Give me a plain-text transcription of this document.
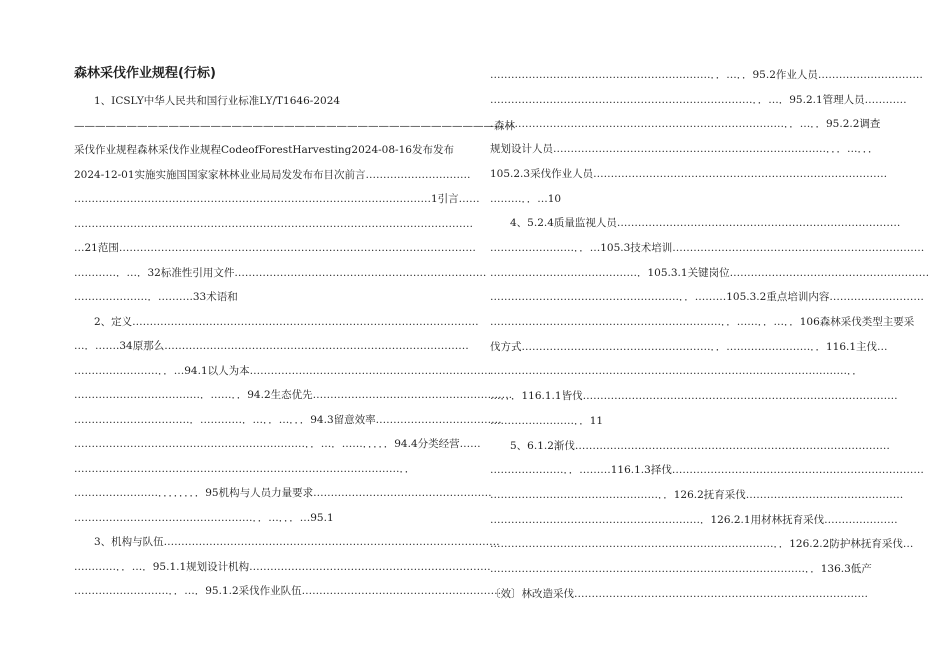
森林采伐作业规程(行标)
1、ICSLY中华人民共和国行业标准LY/T1646-2024
————————————————————————————————————————森林
采伐作业规程森林采伐作业规程CodeofForestHarvesting2024-08-16发布发布
2024-12-01实施实施国国家家林林业业局局发发布布目次前言…………………………
…………………………………………………………………………………………1引言……
……………………………………………………………………………………………………
…21范围…………………………………………………………………………………………
…………．…．32标准性引用文件………………………………………………………………
…………………．……….33术语和
2、定义………………………………………………………………………………………
…．…….34原那么……………………………………………………………………………
……………………．．…94.1以人为本……………………………………………………………
………………………………．……．．94.2生态优先…………………………………………………
……………………………．…………．…．．…．．．94.3留意效率………………………………
…………………………………………………………．．…．……．．．．．94.4分类经营……
…………………………………………………………………………………．．
……………………．．．．．．．．95机构与人员力量要求……………………………………………
……………………………………………．．…．．．…95.1
3、机构与队伍……………………………………………………………………………………
…………．．…．95.1.1规划设计机构……………………………………………………………
………………………．．…．95.1.2采伐作业队伍…………………………………………………
………………………………………………………．．…．．95.2作业人员…………………………
…………………………………………………………………．．…．95.2.1管理人员…………
…………………………………………………………………………．．…．．95.2.2调查
规划设计人员……………………………………………………………………．．．…．．．
105.2.3采伐作业人员…………………………………………………………………………
………．．…10
4、5.2.4质量监视人员………………………………………………………………………
……………………．．…105.3技术培训………………………………………………………………
……………………………………．105.3.1关键岗位…………………………………………………
………………………………………………．．………105.3.2重点培训内容………………………
…………………………………………………………．．……．．…．．106森林采伐类型主要采
伐方式………………………………………………．．……………………．．116.1主伐…
…………………………………………………………………………………………．．
…．．．116.1.1皆伐………………………………………………………………………………
……………………．．11
5、6.1.2渐伐………………………………………………………………………………
…………………．．………116.1.3择伐………………………………………………………………
…………………………………………．．126.2抚育采伐………………………………………
……………………………………………………．126.2.1用材林抚育采伐…………………
………………………………………………………………………．．126.2.2防护林抚育采伐…
………………………………………………………………………………．．136.3低产
〔效〕林改造采伐…………………………………………………………………………
